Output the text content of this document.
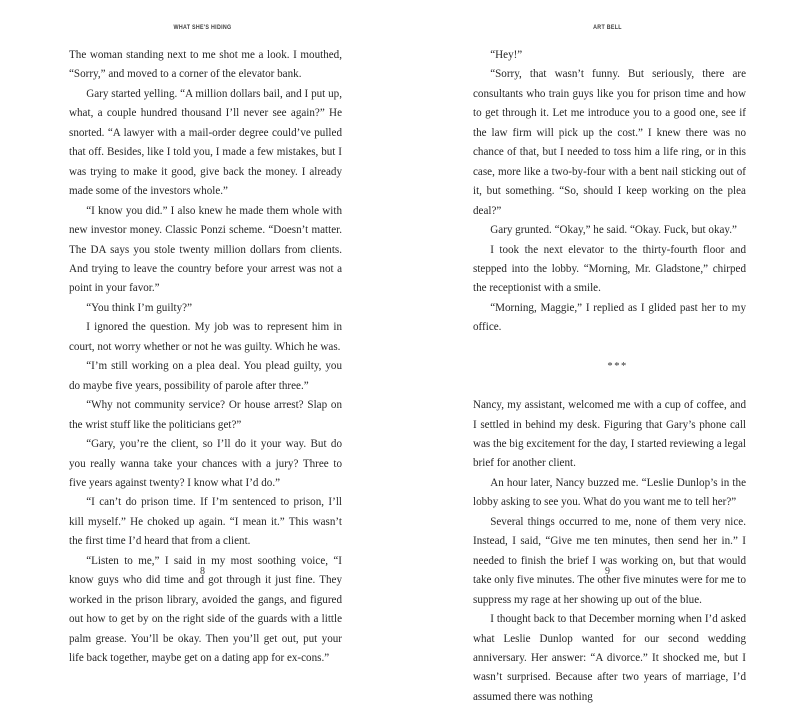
WHAT SHE'S HIDING

The woman standing next to me shot me a look. I mouthed, “Sorry,” and moved to a corner of the elevator bank.

Gary started yelling. “A million dollars bail, and I put up, what, a couple hundred thousand I’ll never see again?” He snorted. “A lawyer with a mail-order degree could’ve pulled that off. Besides, like I told you, I made a few mistakes, but I was trying to make it good, give back the money. I already made some of the investors whole.”

“I know you did.” I also knew he made them whole with new investor money. Classic Ponzi scheme. “Doesn’t matter. The DA says you stole twenty million dollars from clients. And trying to leave the country before your arrest was not a point in your favor.”

“You think I’m guilty?”

I ignored the question. My job was to represent him in court, not worry whether or not he was guilty. Which he was.

“I’m still working on a plea deal. You plead guilty, you do maybe five years, possibility of parole after three.”

“Why not community service? Or house arrest? Slap on the wrist stuff like the politicians get?”

“Gary, you’re the client, so I’ll do it your way. But do you really wanna take your chances with a jury? Three to five years against twenty? I know what I’d do.”

“I can’t do prison time. If I’m sentenced to prison, I’ll kill myself.” He choked up again. “I mean it.” This wasn’t the first time I’d heard that from a client.

“Listen to me,” I said in my most soothing voice, “I know guys who did time and got through it just fine. They worked in the prison library, avoided the gangs, and figured out how to get by on the right side of the guards with a little palm grease. You’ll be okay. Then you’ll get out, put your life back together, maybe get on a dating app for ex-cons.”

8
ART BELL

“Hey!”

“Sorry, that wasn’t funny. But seriously, there are consultants who train guys like you for prison time and how to get through it. Let me introduce you to a good one, see if the law firm will pick up the cost.” I knew there was no chance of that, but I needed to toss him a life ring, or in this case, more like a two-by-four with a bent nail sticking out of it, but something. “So, should I keep working on the plea deal?”

Gary grunted. “Okay,” he said. “Okay. Fuck, but okay.”

I took the next elevator to the thirty-fourth floor and stepped into the lobby. “Morning, Mr. Gladstone,” chirped the receptionist with a smile.

“Morning, Maggie,” I replied as I glided past her to my office.

***

Nancy, my assistant, welcomed me with a cup of coffee, and I settled in behind my desk. Figuring that Gary’s phone call was the big excitement for the day, I started reviewing a legal brief for another client.

An hour later, Nancy buzzed me. “Leslie Dunlop’s in the lobby asking to see you. What do you want me to tell her?”

Several things occurred to me, none of them very nice. Instead, I said, “Give me ten minutes, then send her in.” I needed to finish the brief I was working on, but that would take only five minutes. The other five minutes were for me to suppress my rage at her showing up out of the blue.

I thought back to that December morning when I’d asked what Leslie Dunlop wanted for our second wedding anniversary. Her answer: “A divorce.” It shocked me, but I wasn’t surprised. Because after two years of marriage, I’d assumed there was nothing

9
